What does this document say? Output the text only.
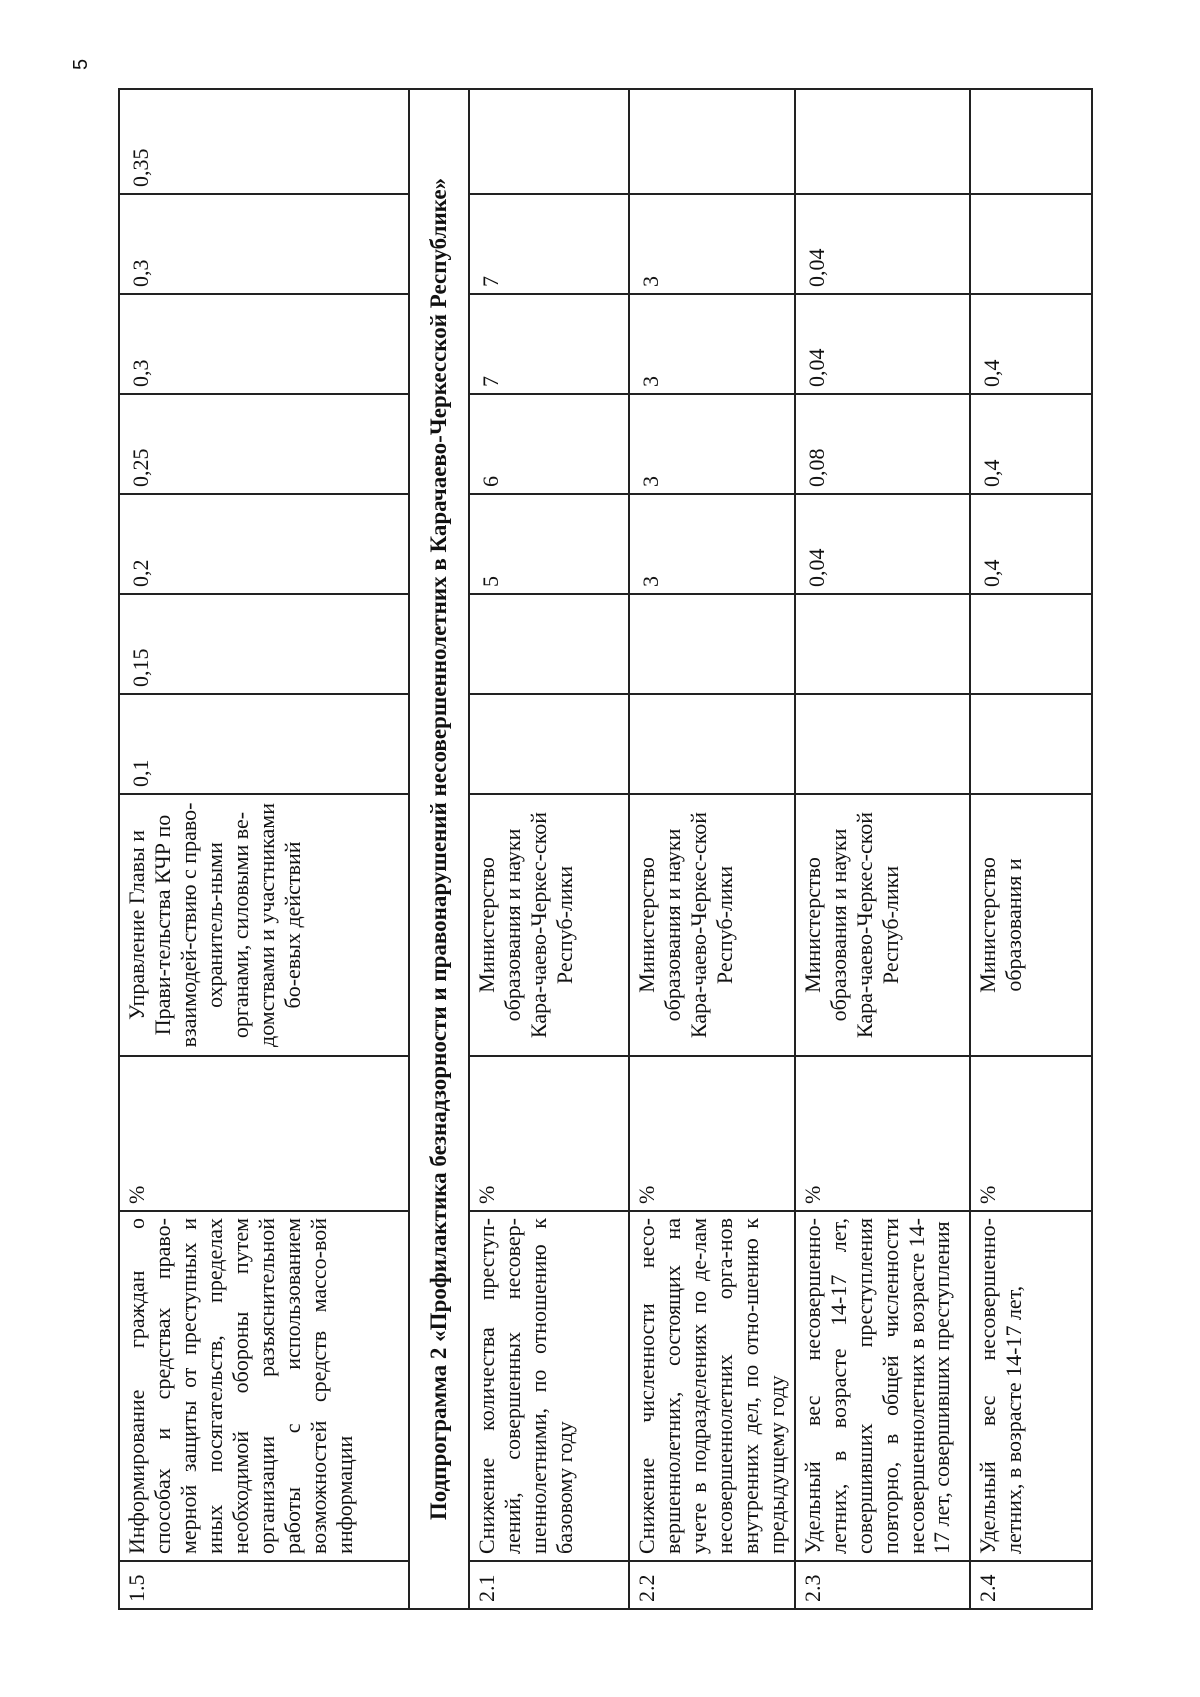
5
1.5	Информирование граждан о способах и средствах право-мерной защиты от преступных и иных посягательств, пределах необходимой обороны путем организации разъяснительной работы с использованием возможностей средств массо-вой информации	%	Управление Главы и Прави-тельства КЧР по взаимодей-ствию с право-охранитель-ными органами, силовыми ве-домствами и участниками бо-евых действий	0,1	0,15	0,2	0,25	0,3	0,3	0,35
Подпрограмма 2 «Профилактика безнадзорности и правонарушений несовершеннолетних в Карачаево-Черкесской Республике»										
2.1	Снижение количества преступ-лений, совершенных несовер-шеннолетними, по отношению к базовому году	%	Министерство образования и науки Кара-чаево-Черкес-ской Респуб-лики			5	6	7	7	
2.2	Снижение численности несо-вершеннолетних, состоящих на учете в подразделениях по де-лам несовершеннолетних орга-нов внутренних дел, по отно-шению к предыдущему году	%	Министерство образования и науки Кара-чаево-Черкес-ской Респуб-лики			3	3	3	3	
2.3	Удельный вес несовершенно-летних, в возрасте 14-17 лет, совершивших преступления повторно, в общей численности несовершеннолетних в возрасте 14-17 лет, совершивших преступления	%	Министерство образования и науки Кара-чаево-Черкес-ской Респуб-лики			0,04	0,08	0,04	0,04	
2.4	Удельный вес несовершенно-летних, в возрасте 14-17 лет,	%	Министерство образования и			0,4	0,4	0,4		
